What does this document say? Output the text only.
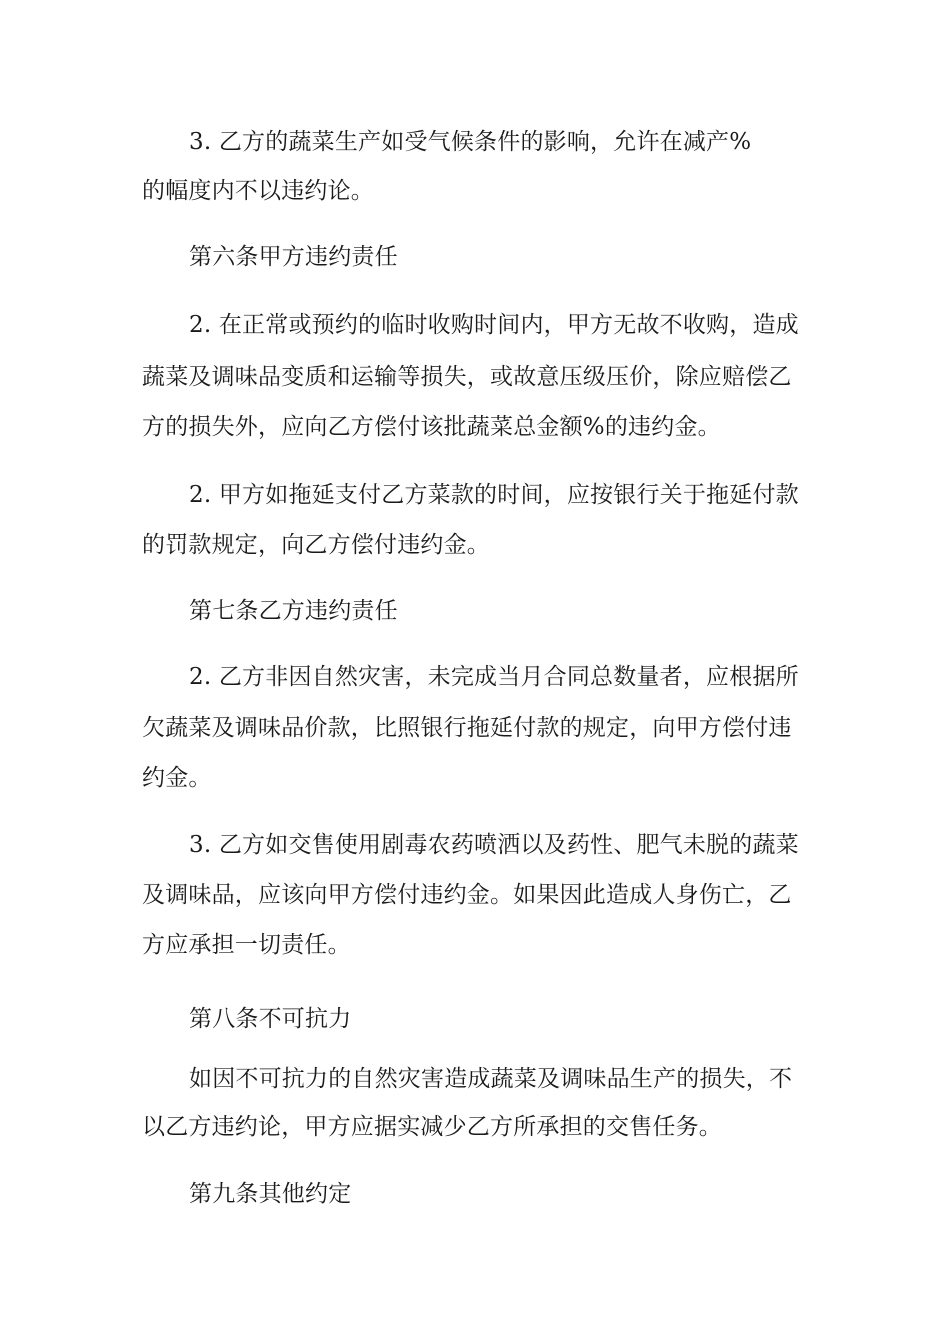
3. 乙方的蔬菜生产如受气候条件的影响，允许在减产%
的幅度内不以违约论。
第六条甲方违约责任
2. 在正常或预约的临时收购时间内，甲方无故不收购，造成
蔬菜及调味品变质和运输等损失，或故意压级压价，除应赔偿乙
方的损失外，应向乙方偿付该批蔬菜总金额%的违约金。
2. 甲方如拖延支付乙方菜款的时间，应按银行关于拖延付款
的罚款规定，向乙方偿付违约金。
第七条乙方违约责任
2. 乙方非因自然灾害，未完成当月合同总数量者，应根据所
欠蔬菜及调味品价款，比照银行拖延付款的规定，向甲方偿付违
约金。
3. 乙方如交售使用剧毒农药喷洒以及药性、肥气未脱的蔬菜
及调味品，应该向甲方偿付违约金。如果因此造成人身伤亡，乙
方应承担一切责任。
第八条不可抗力
如因不可抗力的自然灾害造成蔬菜及调味品生产的损失，不
以乙方违约论，甲方应据实减少乙方所承担的交售任务。
第九条其他约定
